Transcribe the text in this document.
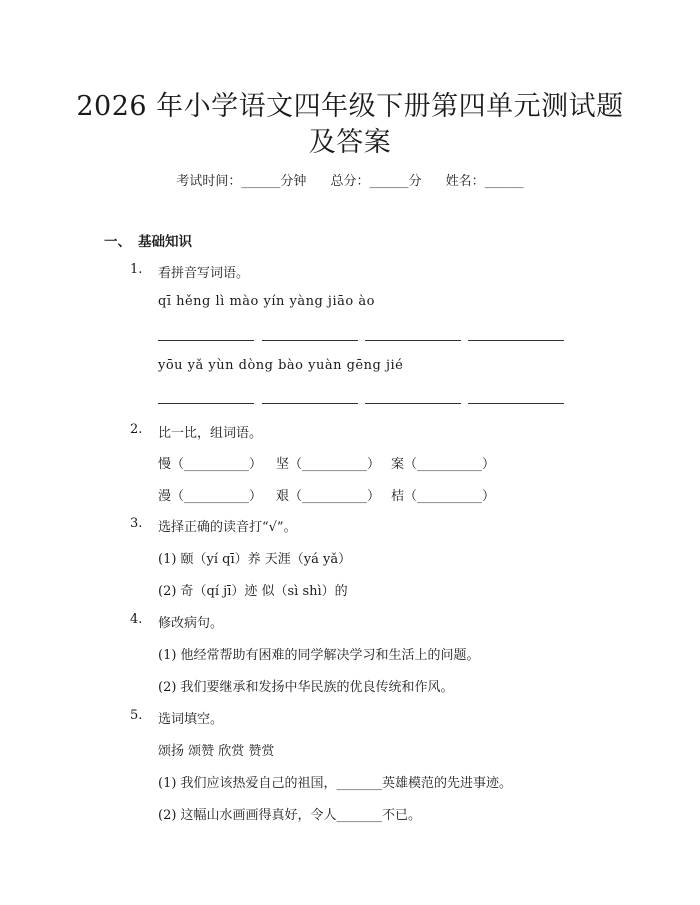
2026 年小学语文四年级下册第四单元测试题
及答案
考试时间：______分钟 总分：______分 姓名：______
一、 基础知识
1. 看拼音写词语。
qī hěng lì mào yín yàng jiāo ào
yōu yǎ yùn dòng bào yuàn gēng jié
2. 比一比，组词语。
慢（__________） 坚（__________） 案（__________）
漫（__________） 艰（__________） 桔（__________）
3. 选择正确的读音打“√”。
(1) 颐（yí qī）养 天涯（yá yǎ）
(2) 奇（qí jī）迹 似（sì shì）的
4. 修改病句。
(1) 他经常帮助有困难的同学解决学习和生活上的问题。
(2) 我们要继承和发扬中华民族的优良传统和作风。
5. 选词填空。
颂扬 颂赞 欣赏 赞赏
(1) 我们应该热爱自己的祖国，_______英雄模范的先进事迹。
(2) 这幅山水画画得真好，令人_______不已。
